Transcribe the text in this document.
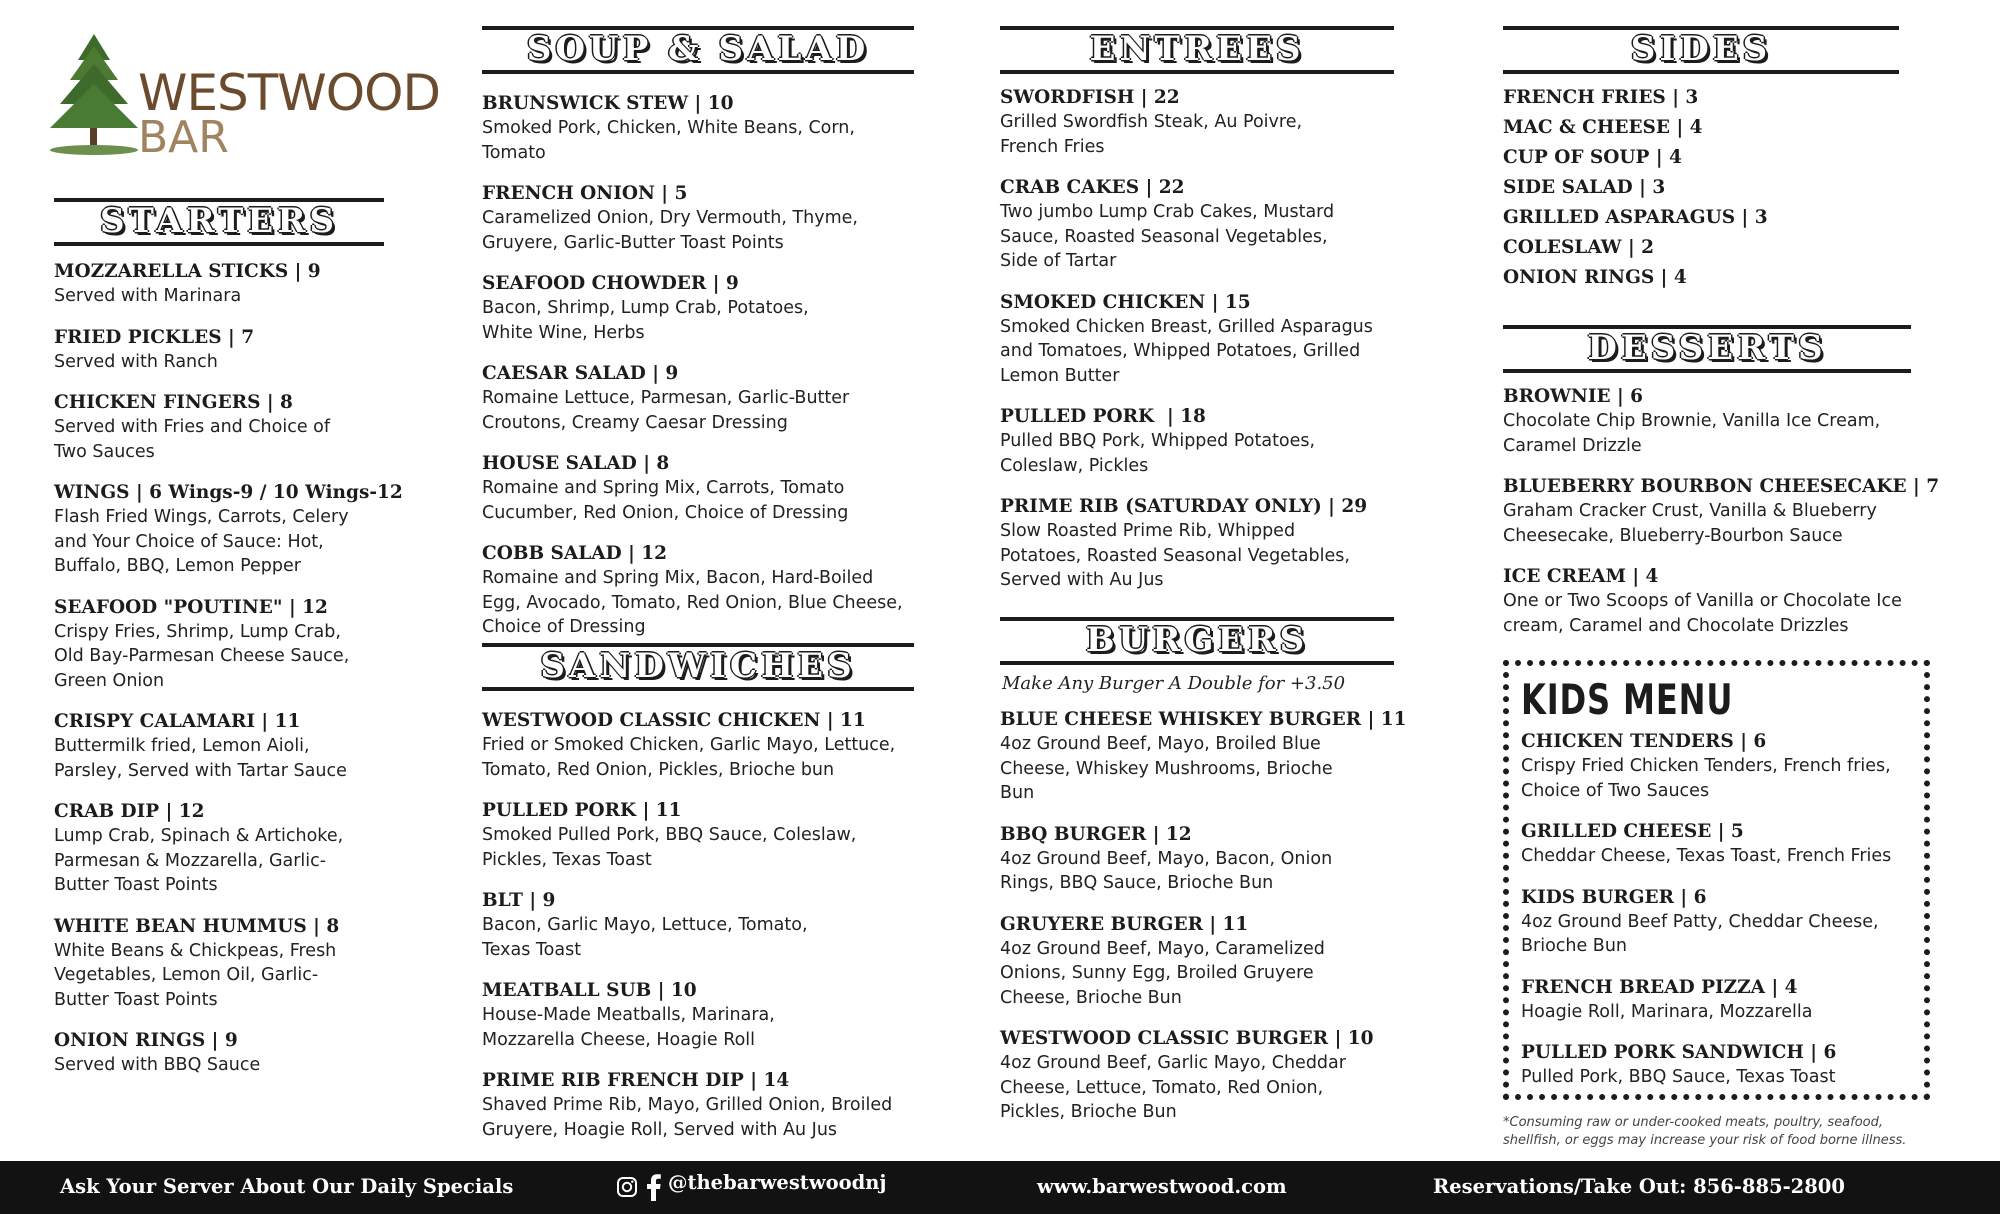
WESTWOOD
BAR
STARTERS
MOZZARELLA STICKS | 9
Served with Marinara
FRIED PICKLES | 7
Served with Ranch
CHICKEN FINGERS | 8
Served with Fries and Choice of Two Sauces
WINGS | 6 Wings-9 / 10 Wings-12
Flash Fried Wings, Carrots, Celery and Your Choice of Sauce: Hot, Buffalo, BBQ, Lemon Pepper
SEAFOOD "POUTINE" | 12
Crispy Fries, Shrimp, Lump Crab, Old Bay-Parmesan Cheese Sauce, Green Onion
CRISPY CALAMARI | 11
Buttermilk fried, Lemon Aioli, Parsley, Served with Tartar Sauce
CRAB DIP | 12
Lump Crab, Spinach & Artichoke, Parmesan & Mozzarella, Garlic-Butter Toast Points
WHITE BEAN HUMMUS | 8
White Beans & Chickpeas, Fresh Vegetables, Lemon Oil, Garlic-Butter Toast Points
ONION RINGS | 9
Served with BBQ Sauce
SOUP & SALAD
BRUNSWICK STEW | 10
Smoked Pork, Chicken, White Beans, Corn, Tomato
FRENCH ONION | 5
Caramelized Onion, Dry Vermouth, Thyme, Gruyere, Garlic-Butter Toast Points
SEAFOOD CHOWDER | 9
Bacon, Shrimp, Lump Crab, Potatoes, White Wine, Herbs
CAESAR SALAD | 9
Romaine Lettuce, Parmesan, Garlic-Butter Croutons, Creamy Caesar Dressing
HOUSE SALAD | 8
Romaine and Spring Mix, Carrots, Tomato Cucumber, Red Onion, Choice of Dressing
COBB SALAD | 12
Romaine and Spring Mix, Bacon, Hard-Boiled Egg, Avocado, Tomato, Red Onion, Blue Cheese, Choice of Dressing
SANDWICHES
WESTWOOD CLASSIC CHICKEN | 11
Fried or Smoked Chicken, Garlic Mayo, Lettuce, Tomato, Red Onion, Pickles, Brioche bun
PULLED PORK | 11
Smoked Pulled Pork, BBQ Sauce, Coleslaw, Pickles, Texas Toast
BLT | 9
Bacon, Garlic Mayo, Lettuce, Tomato, Texas Toast
MEATBALL SUB | 10
House-Made Meatballs, Marinara, Mozzarella Cheese, Hoagie Roll
PRIME RIB FRENCH DIP | 14
Shaved Prime Rib, Mayo, Grilled Onion, Broiled Gruyere, Hoagie Roll, Served with Au Jus
ENTREES
SWORDFISH | 22
Grilled Swordfish Steak, Au Poivre, French Fries
CRAB CAKES | 22
Two jumbo Lump Crab Cakes, Mustard Sauce, Roasted Seasonal Vegetables, Side of Tartar
SMOKED CHICKEN | 15
Smoked Chicken Breast, Grilled Asparagus and Tomatoes, Whipped Potatoes, Grilled Lemon Butter
PULLED PORK  | 18
Pulled BBQ Pork, Whipped Potatoes, Coleslaw, Pickles
PRIME RIB (SATURDAY ONLY) | 29
Slow Roasted Prime Rib, Whipped Potatoes, Roasted Seasonal Vegetables, Served with Au Jus
BURGERS
Make Any Burger A Double for +3.50
BLUE CHEESE WHISKEY BURGER | 11
4oz Ground Beef, Mayo, Broiled Blue Cheese, Whiskey Mushrooms, Brioche Bun
BBQ BURGER | 12
4oz Ground Beef, Mayo, Bacon, Onion Rings, BBQ Sauce, Brioche Bun
GRUYERE BURGER | 11
4oz Ground Beef, Mayo, Caramelized Onions, Sunny Egg, Broiled Gruyere Cheese, Brioche Bun
WESTWOOD CLASSIC BURGER | 10
4oz Ground Beef, Garlic Mayo, Cheddar Cheese, Lettuce, Tomato, Red Onion, Pickles, Brioche Bun
SIDES
FRENCH FRIES | 3
MAC & CHEESE | 4
CUP OF SOUP | 4
SIDE SALAD | 3
GRILLED ASPARAGUS | 3
COLESLAW | 2
ONION RINGS | 4
DESSERTS
BROWNIE | 6
Chocolate Chip Brownie, Vanilla Ice Cream, Caramel Drizzle
BLUEBERRY BOURBON CHEESECAKE | 7
Graham Cracker Crust, Vanilla & Blueberry Cheesecake, Blueberry-Bourbon Sauce
ICE CREAM | 4
One or Two Scoops of Vanilla or Chocolate Ice cream, Caramel and Chocolate Drizzles
KIDS MENU
CHICKEN TENDERS | 6
Crispy Fried Chicken Tenders, French fries, Choice of Two Sauces
GRILLED CHEESE | 5
Cheddar Cheese, Texas Toast, French Fries
KIDS BURGER | 6
4oz Ground Beef Patty, Cheddar Cheese, Brioche Bun
FRENCH BREAD PIZZA | 4
Hoagie Roll, Marinara, Mozzarella
PULLED PORK SANDWICH | 6
Pulled Pork, BBQ Sauce, Texas Toast
*Consuming raw or under-cooked meats, poultry, seafood, shellfish, or eggs may increase your risk of food borne illness.
Ask Your Server About Our Daily Specials	@thebarwestwoodnj	www.barwestwood.com	Reservations/Take Out: 856-885-2800
